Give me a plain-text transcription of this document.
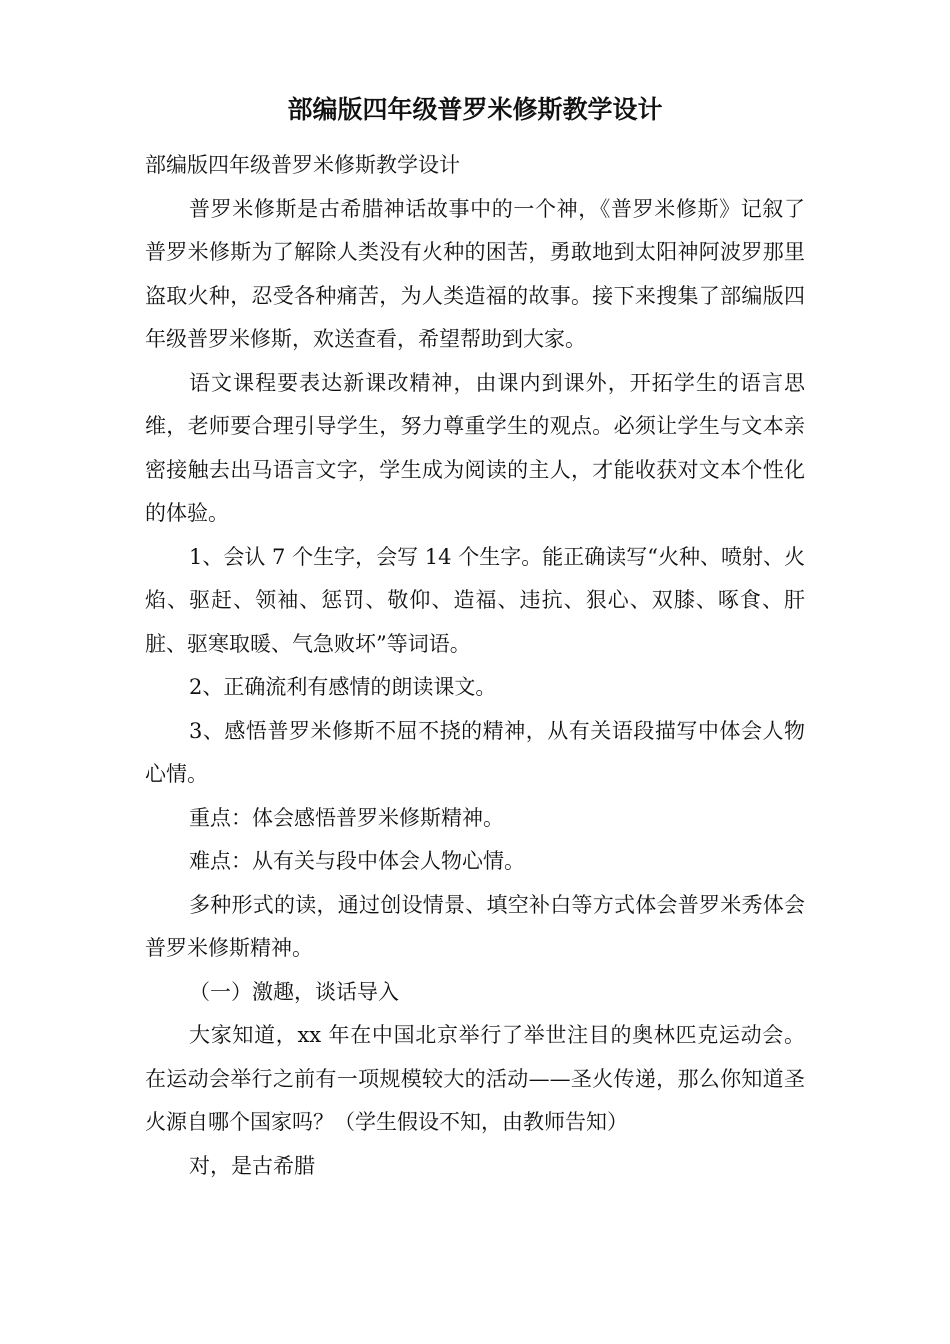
部编版四年级普罗米修斯教学设计

部编版四年级普罗米修斯教学设计

普罗米修斯是古希腊神话故事中的一个神，《普罗米修斯》记叙了普罗米修斯为了解除人类没有火种的困苦，勇敢地到太阳神阿波罗那里盗取火种，忍受各种痛苦，为人类造福的故事。接下来搜集了部编版四年级普罗米修斯，欢送查看，希望帮助到大家。

语文课程要表达新课改精神，由课内到课外，开拓学生的语言思维，老师要合理引导学生，努力尊重学生的观点。必须让学生与文本亲密接触去出马语言文字，学生成为阅读的主人，才能收获对文本个性化的体验。

1、会认 7 个生字，会写 14 个生字。能正确读写“火种、喷射、火焰、驱赶、领袖、惩罚、敬仰、造福、违抗、狠心、双膝、啄食、肝脏、驱寒取暖、气急败坏”等词语。

2、正确流利有感情的朗读课文。

3、感悟普罗米修斯不屈不挠的精神，从有关语段描写中体会人物心情。

重点：体会感悟普罗米修斯精神。

难点：从有关与段中体会人物心情。

多种形式的读，通过创设情景、填空补白等方式体会普罗米秀体会普罗米修斯精神。

（一）激趣，谈话导入

大家知道，xx 年在中国北京举行了举世注目的奥林匹克运动会。在运动会举行之前有一项规模较大的活动——圣火传递，那么你知道圣火源自哪个国家吗？（学生假设不知，由教师告知）

对，是古希腊
